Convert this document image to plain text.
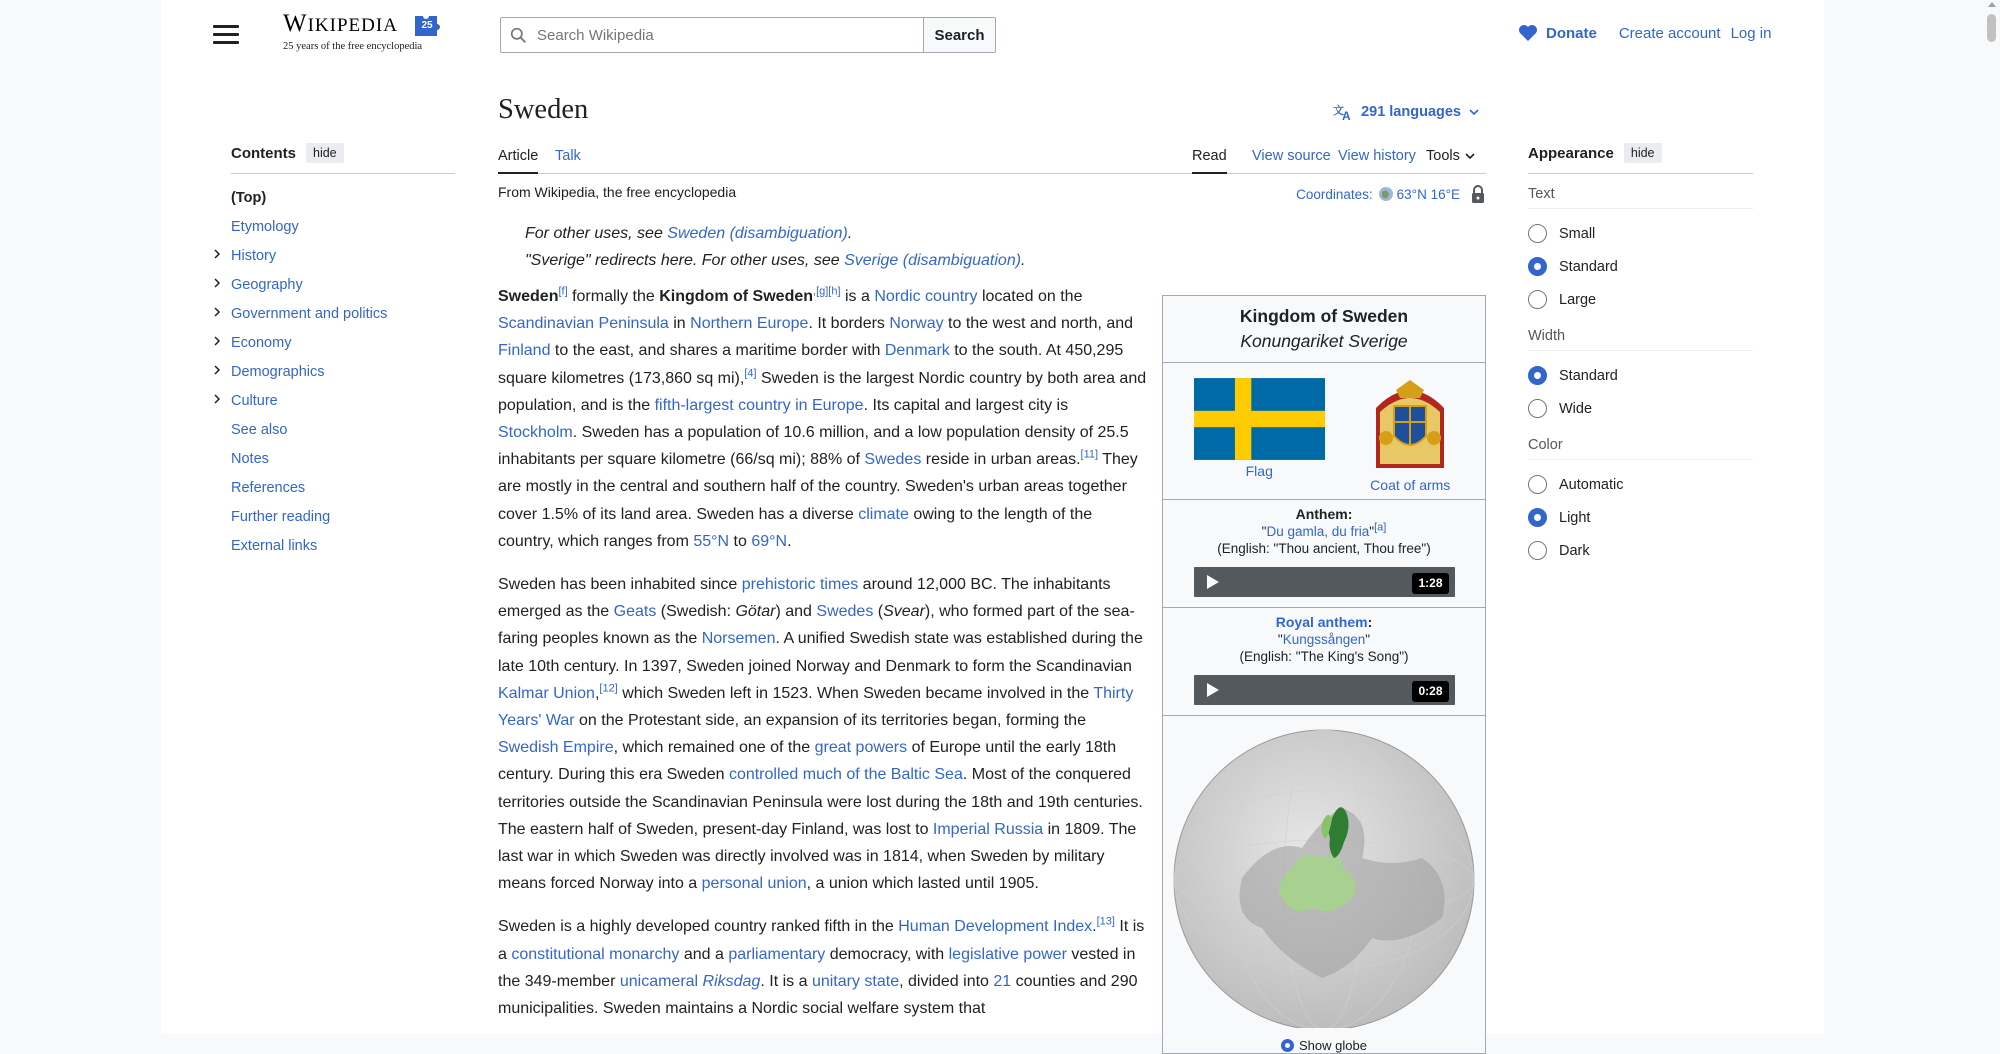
WIKIPEDIA
25 years of the free encyclopedia
25
Search Wikipedia
Search	Donate Create account Log in
Contents	hide
(Top)
Etymology
History
Geography
Government and politics
Economy
Demographics
Culture
See also
Notes
References
Further reading
External links
Sweden	文
A 291 languages
Article Talk	Read View source View history Tools
From Wikipedia, the free encyclopedia	Coordinates: 63°N 16°E
For other uses, see Sweden (disambiguation).
"Sverige" redirects here. For other uses, see Sverige (disambiguation).

Sweden[f] formally the Kingdom of Sweden$^{,[g][h]}$ is a Nordic country located on the Scandinavian Peninsula in Northern Europe. It borders Norway to the west and north, and Finland to the east, and shares a maritime border with Denmark to the south. At 450,295 square kilometres (173,860 sq mi),[4] Sweden is the largest Nordic country by both area and population, and is the fifth-largest country in Europe. Its capital and largest city is Stockholm. Sweden has a population of 10.6 million, and a low population density of 25.5 inhabitants per square kilometre (66/sq mi); 88% of Swedes reside in urban areas.[11] They are mostly in the central and southern half of the country. Sweden's urban areas together cover 1.5% of its land area. Sweden has a diverse climate owing to the length of the country, which ranges from 55°N to 69°N.

Sweden has been inhabited since prehistoric times around 12,000 BC. The inhabitants emerged as the Geats (Swedish: Götar) and Swedes (Svear), who formed part of the sea-faring peoples known as the Norsemen. A unified Swedish state was established during the late 10th century. In 1397, Sweden joined Norway and Denmark to form the Scandinavian Kalmar Union,[12] which Sweden left in 1523. When Sweden became involved in the Thirty Years' War on the Protestant side, an expansion of its territories began, forming the Swedish Empire, which remained one of the great powers of Europe until the early 18th century. During this era Sweden controlled much of the Baltic Sea. Most of the conquered territories outside the Scandinavian Peninsula were lost during the 18th and 19th centuries. The eastern half of Sweden, present-day Finland, was lost to Imperial Russia in 1809. The last war in which Sweden was directly involved was in 1814, when Sweden by military means forced Norway into a personal union, a union which lasted until 1905.

Sweden is a highly developed country ranked fifth in the Human Development Index.[13] It is a constitutional monarchy and a parliamentary democracy, with legislative power vested in the 349-member unicameral Riksdag. It is a unitary state, divided into 21 counties and 290 municipalities. Sweden maintains a Nordic social welfare system that

Kingdom of Sweden
Konungariket Sverige
Flag
Coat of arms
Anthem:
"Du gamla, du fria"[a]
(English: "Thou ancient, Thou free")
1:28
Royal anthem:
"Kungssången"
(English: "The King's Song")
0:28
Show globe
Appearance	hide
Text
Small
Standard
Large
Width
Standard
Wide
Color
Automatic
Light
Dark
